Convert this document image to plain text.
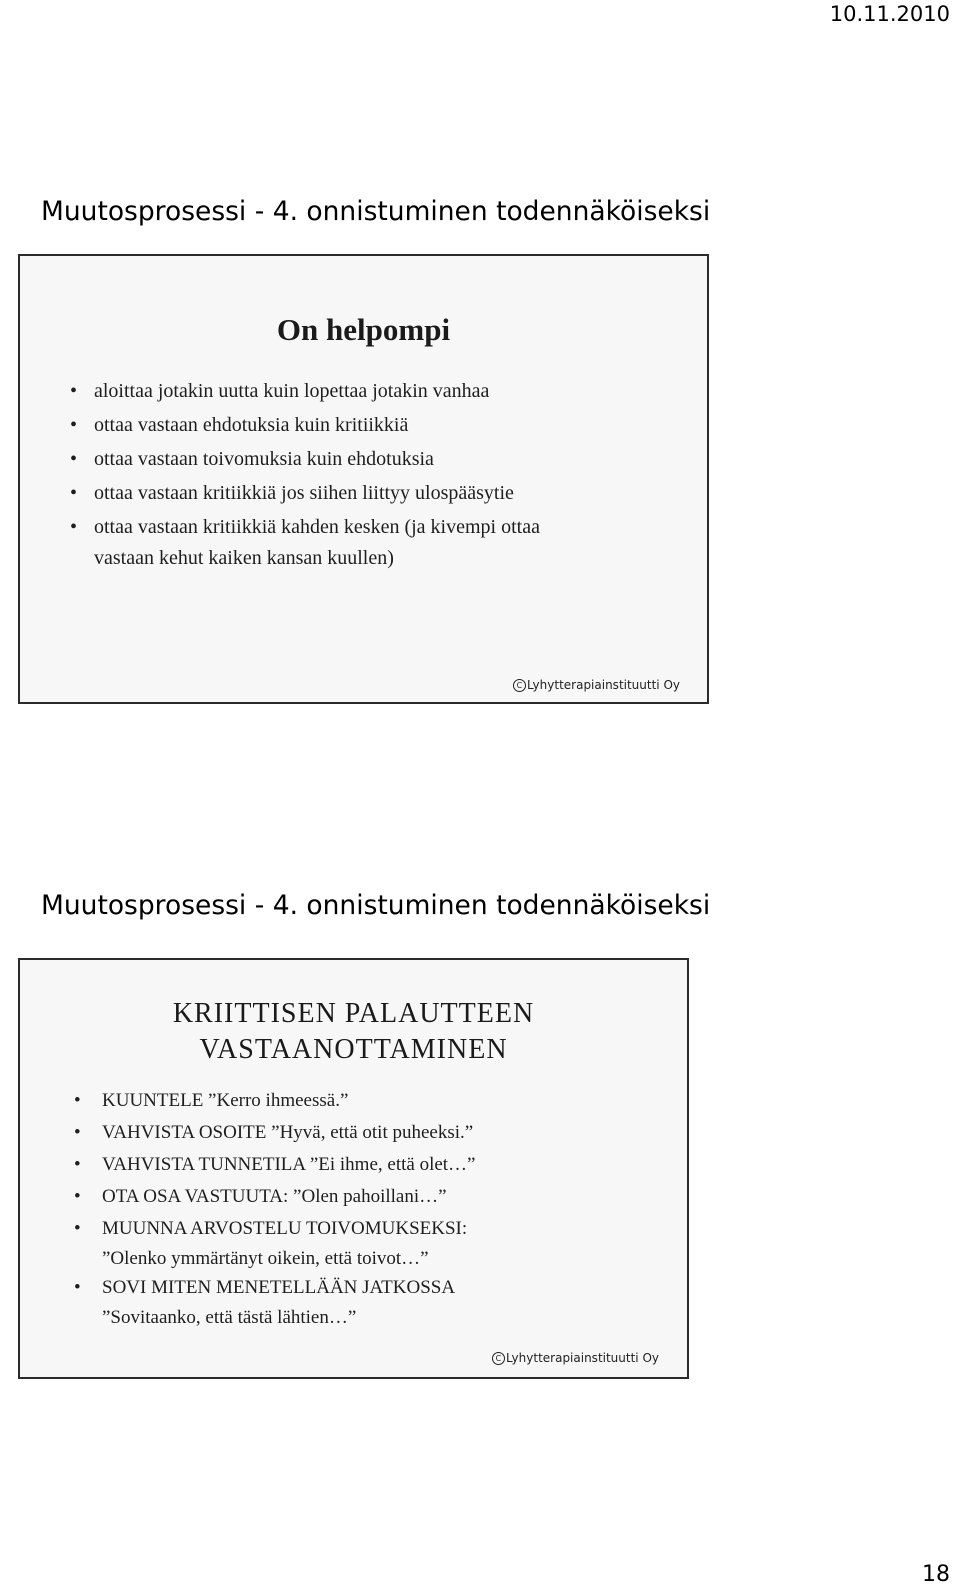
10.11.2010
Muutosprosessi - 4. onnistuminen todennäköiseksi
On helpompi
• aloittaa jotakin uutta kuin lopettaa jotakin vanhaa
• ottaa vastaan ehdotuksia kuin kritiikkiä
• ottaa vastaan toivomuksia kuin ehdotuksia
• ottaa vastaan kritiikkiä jos siihen liittyy ulospääsytie
• ottaa vastaan kritiikkiä kahden kesken (ja kivempi ottaa
vastaan kehut kaiken kansan kuullen)
C Lyhytterapiainstituutti Oy
Muutosprosessi - 4. onnistuminen todennäköiseksi
KRIITTISEN PALAUTTEEN
VASTAANOTTAMINEN
• KUUNTELE ”Kerro ihmeessä.”
• VAHVISTA OSOITE ”Hyvä, että otit puheeksi.”
• VAHVISTA TUNNETILA ”Ei ihme, että olet…”
• OTA OSA VASTUUTA: ”Olen pahoillani…”
• MUUNNA ARVOSTELU TOIVOMUKSEKSI:
”Olenko ymmärtänyt oikein, että toivot…”
• SOVI MITEN MENETELLÄÄN JATKOSSA
”Sovitaanko, että tästä lähtien…”
C Lyhytterapiainstituutti Oy
18
